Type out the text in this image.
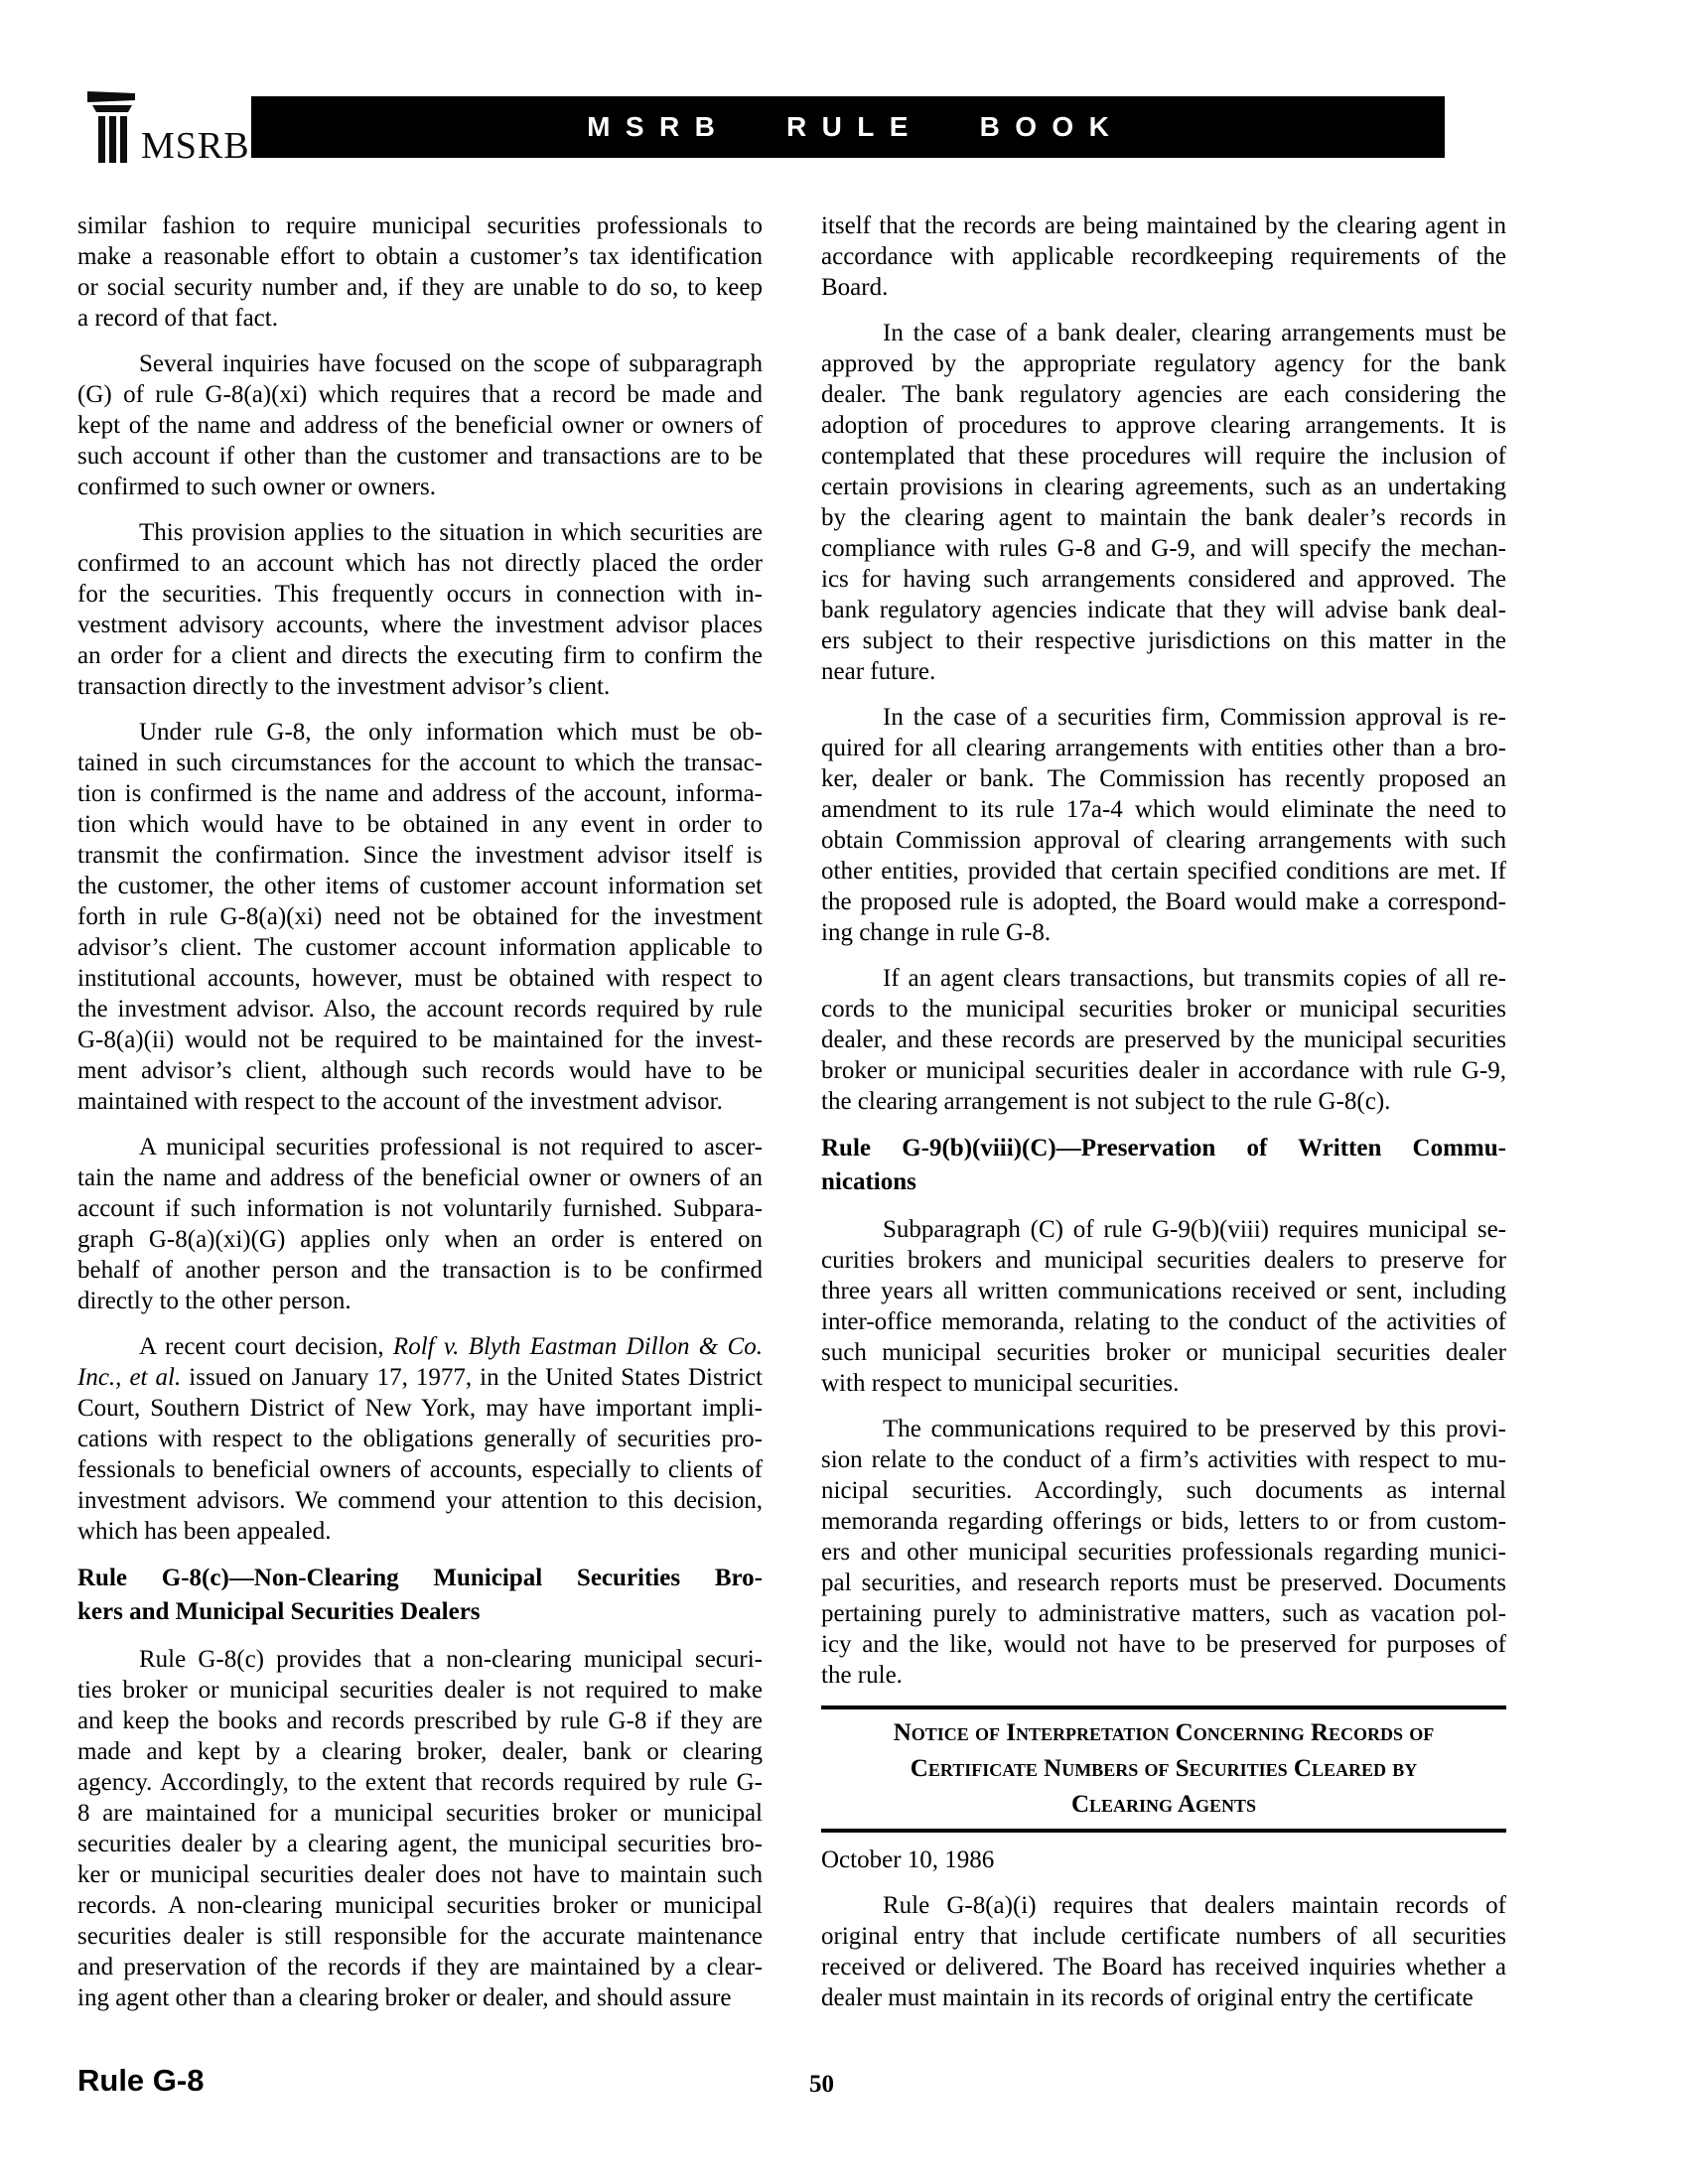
MSRB	MSRB RULE BOOK
similar fashion to require municipal securities professionals to
make a reasonable effort to obtain a customer’s tax identification
or social security number and, if they are unable to do so, to keep
a record of that fact.
Several inquiries have focused on the scope of subparagraph
(G) of rule G-8(a)(xi) which requires that a record be made and
kept of the name and address of the beneficial owner or owners of
such account if other than the customer and transactions are to be
confirmed to such owner or owners.
This provision applies to the situation in which securities are
confirmed to an account which has not directly placed the order
for the securities. This frequently occurs in connection with in-
vestment advisory accounts, where the investment advisor places
an order for a client and directs the executing firm to confirm the
transaction directly to the investment advisor’s client.
Under rule G-8, the only information which must be ob-
tained in such circumstances for the account to which the transac-
tion is confirmed is the name and address of the account, informa-
tion which would have to be obtained in any event in order to
transmit the confirmation. Since the investment advisor itself is
the customer, the other items of customer account information set
forth in rule G-8(a)(xi) need not be obtained for the investment
advisor’s client. The customer account information applicable to
institutional accounts, however, must be obtained with respect to
the investment advisor. Also, the account records required by rule
G-8(a)(ii) would not be required to be maintained for the invest-
ment advisor’s client, although such records would have to be
maintained with respect to the account of the investment advisor.
A municipal securities professional is not required to ascer-
tain the name and address of the beneficial owner or owners of an
account if such information is not voluntarily furnished. Subpara-
graph G-8(a)(xi)(G) applies only when an order is entered on
behalf of another person and the transaction is to be confirmed
directly to the other person.
A recent court decision, Rolf v. Blyth Eastman Dillon & Co.
Inc., et al. issued on January 17, 1977, in the United States District
Court, Southern District of New York, may have important impli-
cations with respect to the obligations generally of securities pro-
fessionals to beneficial owners of accounts, especially to clients of
investment advisors. We commend your attention to this decision,
which has been appealed.
Rule G-8(c)—Non-Clearing Municipal Securities Bro-
kers and Municipal Securities Dealers
Rule G-8(c) provides that a non-clearing municipal securi-
ties broker or municipal securities dealer is not required to make
and keep the books and records prescribed by rule G-8 if they are
made and kept by a clearing broker, dealer, bank or clearing
agency. Accordingly, to the extent that records required by rule G-
8 are maintained for a municipal securities broker or municipal
securities dealer by a clearing agent, the municipal securities bro-
ker or municipal securities dealer does not have to maintain such
records. A non-clearing municipal securities broker or municipal
securities dealer is still responsible for the accurate maintenance
and preservation of the records if they are maintained by a clear-
ing agent other than a clearing broker or dealer, and should assure
itself that the records are being maintained by the clearing agent in
accordance with applicable recordkeeping requirements of the
Board.
In the case of a bank dealer, clearing arrangements must be
approved by the appropriate regulatory agency for the bank
dealer. The bank regulatory agencies are each considering the
adoption of procedures to approve clearing arrangements. It is
contemplated that these procedures will require the inclusion of
certain provisions in clearing agreements, such as an undertaking
by the clearing agent to maintain the bank dealer’s records in
compliance with rules G-8 and G-9, and will specify the mechan-
ics for having such arrangements considered and approved. The
bank regulatory agencies indicate that they will advise bank deal-
ers subject to their respective jurisdictions on this matter in the
near future.
In the case of a securities firm, Commission approval is re-
quired for all clearing arrangements with entities other than a bro-
ker, dealer or bank. The Commission has recently proposed an
amendment to its rule 17a-4 which would eliminate the need to
obtain Commission approval of clearing arrangements with such
other entities, provided that certain specified conditions are met. If
the proposed rule is adopted, the Board would make a correspond-
ing change in rule G-8.
If an agent clears transactions, but transmits copies of all re-
cords to the municipal securities broker or municipal securities
dealer, and these records are preserved by the municipal securities
broker or municipal securities dealer in accordance with rule G-9,
the clearing arrangement is not subject to the rule G-8(c).
Rule G-9(b)(viii)(C)—Preservation of Written Commu-
nications
Subparagraph (C) of rule G-9(b)(viii) requires municipal se-
curities brokers and municipal securities dealers to preserve for
three years all written communications received or sent, including
inter-office memoranda, relating to the conduct of the activities of
such municipal securities broker or municipal securities dealer
with respect to municipal securities.
The communications required to be preserved by this provi-
sion relate to the conduct of a firm’s activities with respect to mu-
nicipal securities. Accordingly, such documents as internal
memoranda regarding offerings or bids, letters to or from custom-
ers and other municipal securities professionals regarding munici-
pal securities, and research reports must be preserved. Documents
pertaining purely to administrative matters, such as vacation pol-
icy and the like, would not have to be preserved for purposes of
the rule.
Notice of Interpretation Concerning Records of
Certificate Numbers of Securities Cleared by
Clearing Agents
October 10, 1986
Rule G-8(a)(i) requires that dealers maintain records of
original entry that include certificate numbers of all securities
received or delivered. The Board has received inquiries whether a
dealer must maintain in its records of original entry the certificate
Rule G-8	50
